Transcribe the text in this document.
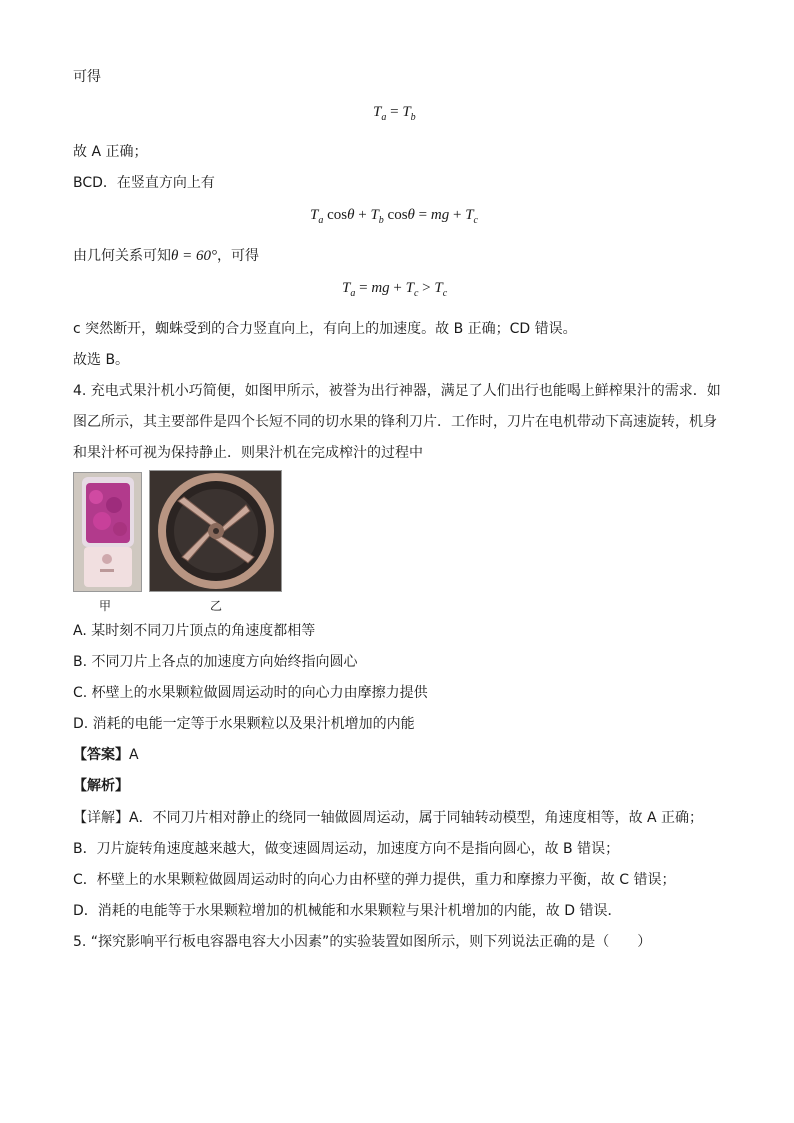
可得
$T_a = T_b$
故 A 正确；
BCD．在竖直方向上有
$T_a$ $\cos\theta + T_b$ cosθ = mg + $T_c$
由几何关系可知θ = 60°，可得
$T_a$ = mg + $T_c > T_c$
c 突然断开，蜘蛛受到的合力竖直向上，有向上的加速度。故 B 正确；CD 错误。
故选 B。
4. 充电式果汁机小巧简便，如图甲所示，被誉为出行神器，满足了人们出行也能喝上鲜榨果汁的需求．如
图乙所示，其主要部件是四个长短不同的切水果的锋利刀片．工作时，刀片在电机带动下高速旋转，机身
和果汁杯可视为保持静止．则果汁机在完成榨汁的过程中
甲	乙
A. 某时刻不同刀片顶点的角速度都相等
B. 不同刀片上各点的加速度方向始终指向圆心
C. 杯壁上的水果颗粒做圆周运动时的向心力由摩擦力提供
D. 消耗的电能一定等于水果颗粒以及果汁机增加的内能
【答案】A
【解析】
【详解】A．不同刀片相对静止的绕同一轴做圆周运动，属于同轴转动模型，角速度相等，故 A 正确；
B．刀片旋转角速度越来越大，做变速圆周运动，加速度方向不是指向圆心，故 B 错误；
C．杯壁上的水果颗粒做圆周运动时的向心力由杯壁的弹力提供，重力和摩擦力平衡，故 C 错误；
D．消耗的电能等于水果颗粒增加的机械能和水果颗粒与果汁机增加的内能，故 D 错误．
5. “探究影响平行板电容器电容大小因素”的实验装置如图所示，则下列说法正确的是（　　）
